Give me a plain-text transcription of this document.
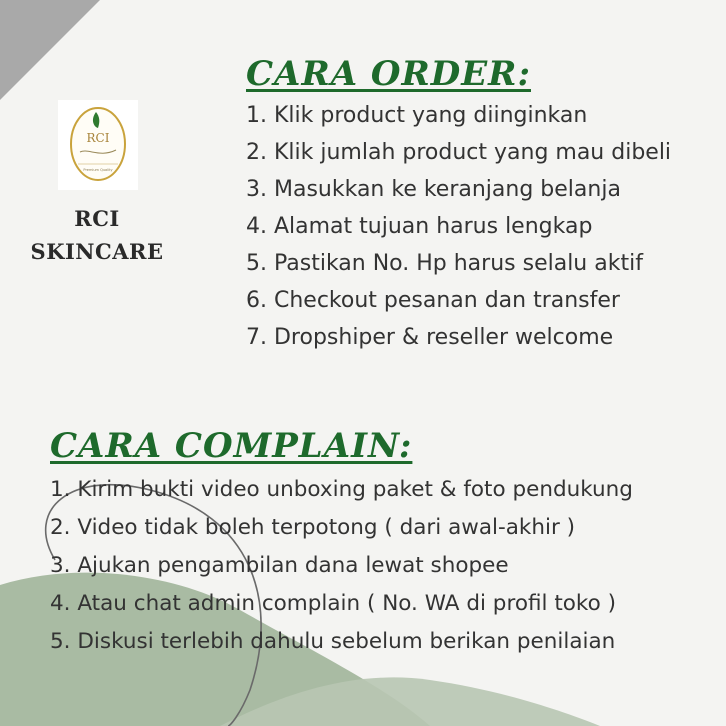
RCI
Premium Quality
RCI
SKINCARE
CARA ORDER:
1. Klik product yang diinginkan
2. Klik jumlah product yang mau dibeli
3. Masukkan ke keranjang belanja
4. Alamat tujuan harus lengkap
5. Pastikan No. Hp harus selalu aktif
6. Checkout pesanan dan transfer
7. Dropshiper & reseller welcome
CARA COMPLAIN:
1. Kirim bukti video unboxing paket & foto pendukung
2. Video tidak boleh terpotong ( dari awal-akhir )
3. Ajukan pengambilan dana lewat shopee
4. Atau chat admin complain ( No. WA di profil toko )
5. Diskusi terlebih dahulu sebelum berikan penilaian
